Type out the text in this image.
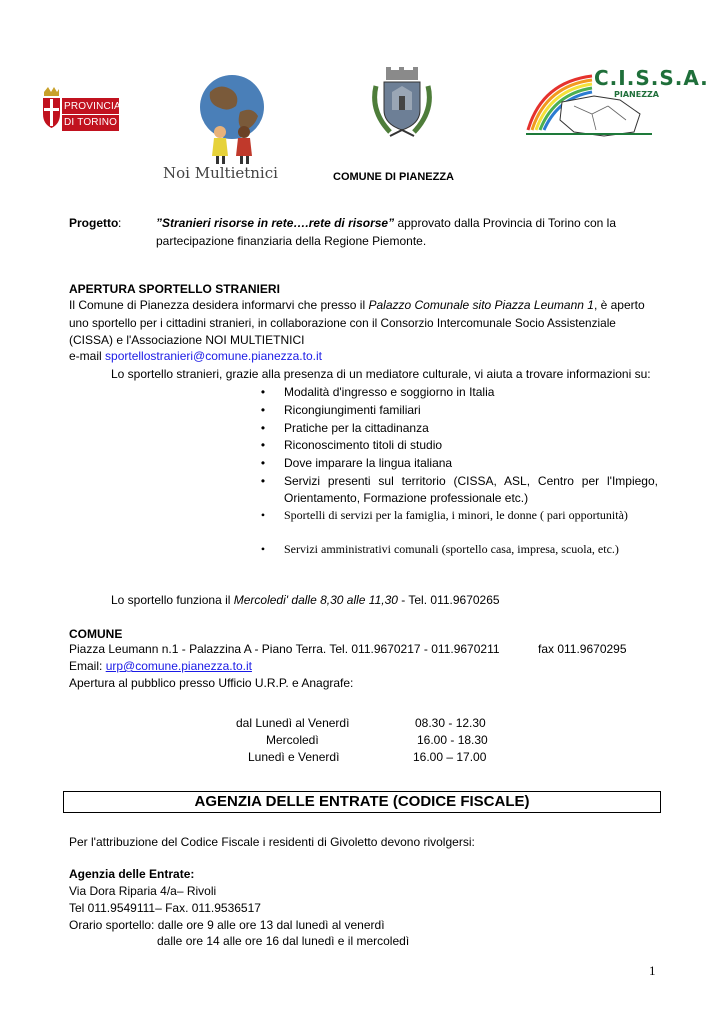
PROVINCIA
DI TORINO
Noi Multietnici
C.I.S.S.A.
PIANEZZA
COMUNE DI PIANEZZA
Progetto :	”Stranieri risorse in rete….rete di risorse” approvato dalla Provincia di Torino con la
partecipazione finanziaria della Regione Piemonte.
APERTURA SPORTELLO STRANIERI
Il Comune di Pianezza desidera informarvi che presso il Palazzo Comunale sito Piazza Leumann 1, è aperto
uno sportello per i cittadini stranieri, in collaborazione con il Consorzio Intercomunale Socio Assistenziale
(CISSA) e l'Associazione NOI MULTIETNICI
e-mail sportellostranieri@comune.pianezza.to.it
Lo sportello stranieri, grazie alla presenza di un mediatore culturale, vi aiuta a trovare informazioni su:
• Modalità d'ingresso e soggiorno in Italia
• Ricongiungimenti familiari
• Pratiche per la cittadinanza
• Riconoscimento titoli di studio
• Dove imparare la lingua italiana
• Servizi presenti sul territorio (CISSA, ASL, Centro per l'Impiego, Orientamento, Formazione professionale etc.)
• Sportelli di servizi per la famiglia, i minori, le donne ( pari opportunità)
• Servizi amministrativi comunali (sportello casa, impresa, scuola, etc.)
Lo sportello funziona il Mercoledi' dalle 8,30 alle 11,30 - Tel. 011.9670265
COMUNE
Piazza Leumann n.1 - Palazzina A - Piano Terra. Tel. 011.9670217 - 011.9670211	fax 011.9670295
Email: urp@comune.pianezza.to.it
Apertura al pubblico presso Ufficio U.R.P. e Anagrafe:
dal Lunedì al Venerdì	08.30 - 12.30
Mercoledì	16.00 - 18.30
Lunedì e Venerdì	16.00 – 17.00
AGENZIA DELLE ENTRATE (CODICE FISCALE)
Per l'attribuzione del Codice Fiscale i residenti di Givoletto devono rivolgersi:
Agenzia delle Entrate:
Via Dora Riparia 4/a– Rivoli
Tel 011.9549111– Fax. 011.9536517
Orario sportello: dalle ore 9 alle ore 13 dal lunedì al venerdì
dalle ore 14 alle ore 16 dal lunedì e il mercoledì
1
